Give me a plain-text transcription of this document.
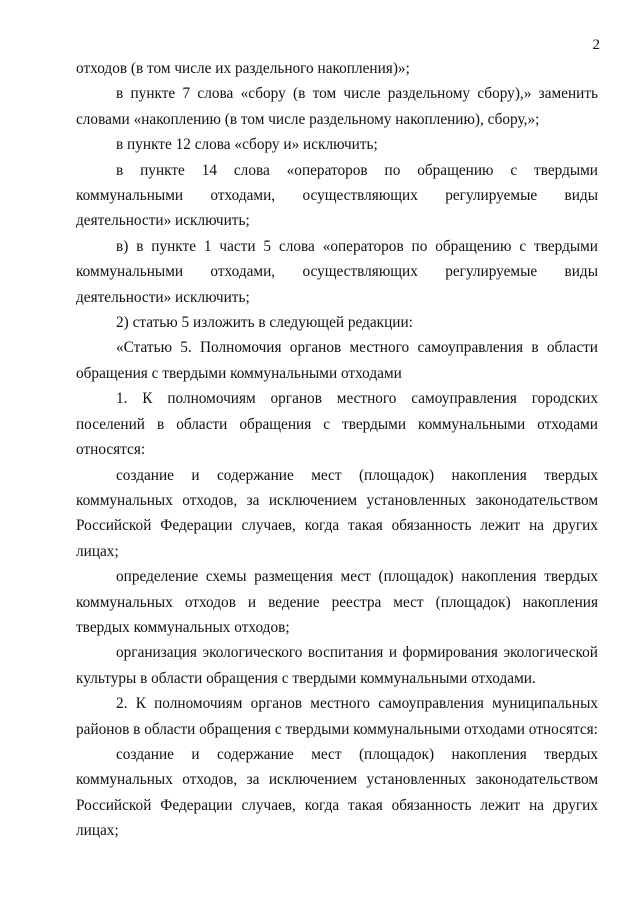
2

отходов (в том числе их раздельного накопления)»;

в пункте 7 слова «сбору (в том числе раздельному сбору),» заменить словами «накоплению (в том числе раздельному накоплению), сбору,»;

в пункте 12 слова «сбору и» исключить;

в пункте 14 слова «операторов по обращению с твердыми коммунальными отходами, осуществляющих регулируемые виды деятельности» исключить;

в) в пункте 1 части 5 слова «операторов по обращению с твердыми коммунальными отходами, осуществляющих регулируемые виды деятельности» исключить;

2) статью 5 изложить в следующей редакции:

«Статью 5. Полномочия органов местного самоуправления в области обращения с твердыми коммунальными отходами

1. К полномочиям органов местного самоуправления городских поселений в области обращения с твердыми коммунальными отходами относятся:

создание и содержание мест (площадок) накопления твердых коммунальных отходов, за исключением установленных законодательством Российской Федерации случаев, когда такая обязанность лежит на других лицах;

определение схемы размещения мест (площадок) накопления твердых коммунальных отходов и ведение реестра мест (площадок) накопления твердых коммунальных отходов;

организация экологического воспитания и формирования экологической культуры в области обращения с твердыми коммунальными отходами.

2. К полномочиям органов местного самоуправления муниципальных районов в области обращения с твердыми коммунальными отходами относятся:

создание и содержание мест (площадок) накопления твердых коммунальных отходов, за исключением установленных законодательством Российской Федерации случаев, когда такая обязанность лежит на других лицах;
